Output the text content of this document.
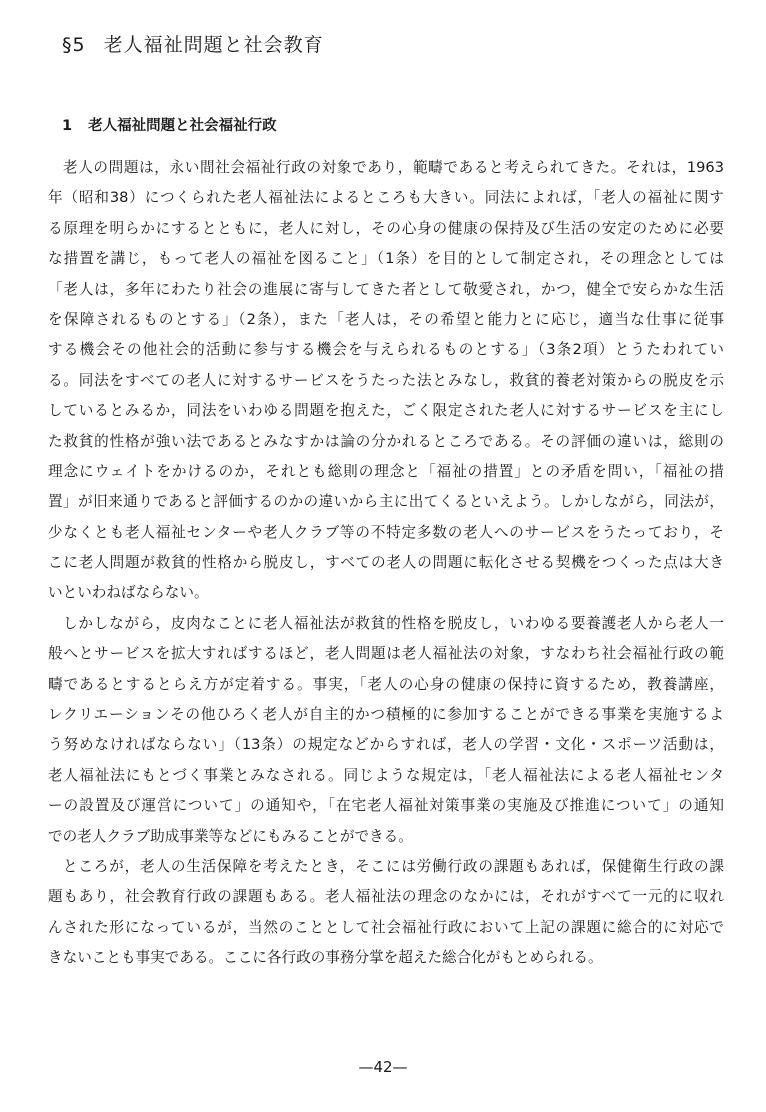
§5 老人福祉問題と社会教育
1 老人福祉問題と社会福祉行政
老人の問題は，永い間社会福祉行政の対象であり，範疇であると考えられてきた。それは，1963
年（昭和38）につくられた老人福祉法によるところも大きい。同法によれば，「老人の福祉に関す
る原理を明らかにするとともに，老人に対し，その心身の健康の保持及び生活の安定のために必要
な措置を講じ，もって老人の福祉を図ること」（1条）を目的として制定され，その理念としては
「老人は，多年にわたり社会の進展に寄与してきた者として敬愛され，かつ，健全で安らかな生活
を保障されるものとする」（2条），また「老人は，その希望と能力とに応じ，適当な仕事に従事
する機会その他社会的活動に参与する機会を与えられるものとする」（3条2項）とうたわれてい
る。同法をすべての老人に対するサービスをうたった法とみなし，救貧的養老対策からの脱皮を示
しているとみるか，同法をいわゆる問題を抱えた，ごく限定された老人に対するサービスを主にし
た救貧的性格が強い法であるとみなすかは論の分かれるところである。その評価の違いは，総則の
理念にウェイトをかけるのか，それとも総則の理念と「福祉の措置」との矛盾を問い，「福祉の措
置」が旧来通りであると評価するのかの違いから主に出てくるといえよう。しかしながら，同法が，
少なくとも老人福祉センターや老人クラブ等の不特定多数の老人へのサービスをうたっており，そ
こに老人問題が救貧的性格から脱皮し，すべての老人の問題に転化させる契機をつくった点は大き
いといわねばならない。
しかしながら，皮肉なことに老人福祉法が救貧的性格を脱皮し，いわゆる要養護老人から老人一
般へとサービスを拡大すればするほど，老人問題は老人福祉法の対象，すなわち社会福祉行政の範
疇であるとするとらえ方が定着する。事実，「老人の心身の健康の保持に資するため，教養講座，
レクリエーションその他ひろく老人が自主的かつ積極的に参加することができる事業を実施するよ
う努めなければならない」（13条）の規定などからすれば，老人の学習・文化・スポーツ活動は，
老人福祉法にもとづく事業とみなされる。同じような規定は，「老人福祉法による老人福祉センタ
ーの設置及び運営について」の通知や，「在宅老人福祉対策事業の実施及び推進について」の通知
での老人クラブ助成事業等などにもみることができる。
ところが，老人の生活保障を考えたとき，そこには労働行政の課題もあれば，保健衛生行政の課
題もあり，社会教育行政の課題もある。老人福祉法の理念のなかには，それがすべて一元的に収れ
んされた形になっているが，当然のこととして社会福祉行政において上記の課題に総合的に対応で
きないことも事実である。ここに各行政の事務分掌を超えた総合化がもとめられる。
—42—
